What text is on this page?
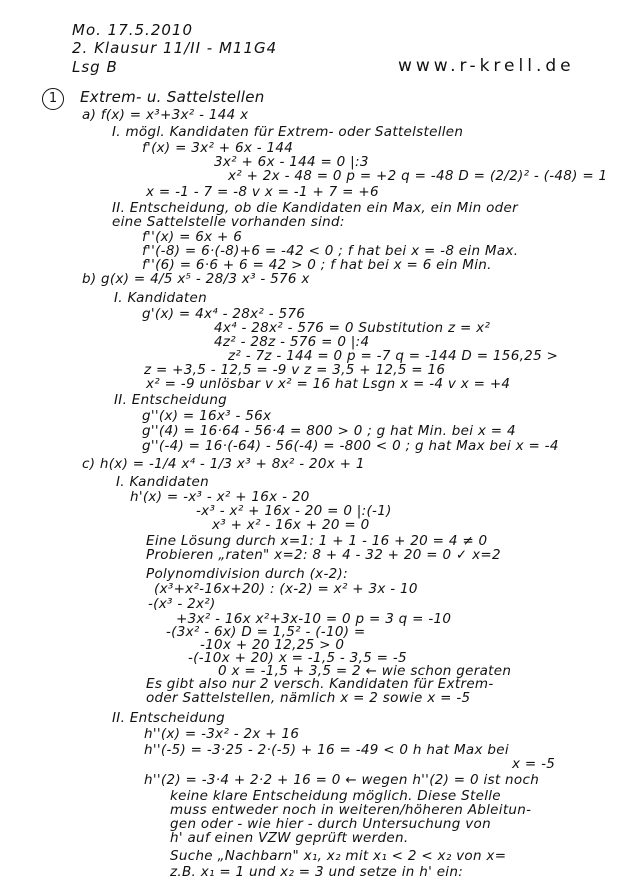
Mo. 17.5.2010
2. Klausur 11/II - M11G4
Lsg B	www.r-krell.de
1	Extrem- u. Sattelstellen
a) f(x) = x³+3x² - 144 x
I. mögl. Kandidaten für Extrem- oder Sattelstellen
f'(x) = 3x² + 6x - 144
3x² + 6x - 144 = 0 |:3
x² + 2x - 48 = 0 p = +2 q = -48 D = (2/2)² - (-48) = 1
x = -1 - 7 = -8 v x = -1 + 7 = +6
II. Entscheidung, ob die Kandidaten ein Max, ein Min oder
eine Sattelstelle vorhanden sind:
f''(x) = 6x + 6
f''(-8) = 6·(-8)+6 = -42 < 0 ; f hat bei x = -8 ein Max.
f''(6) = 6·6 + 6 = 42 > 0 ; f hat bei x = 6 ein Min.
b) g(x) = 4/5 x⁵ - 28/3 x³ - 576 x
I. Kandidaten
g'(x) = 4x⁴ - 28x² - 576
4x⁴ - 28x² - 576 = 0 Substitution z = x²
4z² - 28z - 576 = 0 |:4
z² - 7z - 144 = 0 p = -7 q = -144 D = 156,25 >
z = +3,5 - 12,5 = -9 v z = 3,5 + 12,5 = 16
x² = -9 unlösbar v x² = 16 hat Lsgn x = -4 v x = +4
II. Entscheidung
g''(x) = 16x³ - 56x
g''(4) = 16·64 - 56·4 = 800 > 0 ; g hat Min. bei x = 4
g''(-4) = 16·(-64) - 56(-4) = -800 < 0 ; g hat Max bei x = -4
c) h(x) = -1/4 x⁴ - 1/3 x³ + 8x² - 20x + 1
I. Kandidaten
h'(x) = -x³ - x² + 16x - 20
-x³ - x² + 16x - 20 = 0 |:(-1)
x³ + x² - 16x + 20 = 0
Eine Lösung durch x=1: 1 + 1 - 16 + 20 = 4 ≠ 0
Probieren „raten" x=2: 8 + 4 - 32 + 20 = 0 ✓ x=2
Polynomdivision durch (x-2):
(x³+x²-16x+20) : (x-2) = x² + 3x - 10
-(x³ - 2x²)
+3x² - 16x x²+3x-10 = 0 p = 3 q = -10
-(3x² - 6x) D = 1,5² - (-10) =
-10x + 20 12,25 > 0
-(-10x + 20) x = -1,5 - 3,5 = -5
0 x = -1,5 + 3,5 = 2 ← wie schon geraten
Es gibt also nur 2 versch. Kandidaten für Extrem-
oder Sattelstellen, nämlich x = 2 sowie x = -5
II. Entscheidung
h''(x) = -3x² - 2x + 16
h''(-5) = -3·25 - 2·(-5) + 16 = -49 < 0 h hat Max bei
x = -5
h''(2) = -3·4 + 2·2 + 16 = 0 ← wegen h''(2) = 0 ist noch
keine klare Entscheidung möglich. Diese Stelle
muss entweder noch in weiteren/höheren Ableitun-
gen oder - wie hier - durch Untersuchung von
h' auf einen VZW geprüft werden.
Suche „Nachbarn" x₁, x₂ mit x₁ < 2 < x₂ von x=
z.B. x₁ = 1 und x₂ = 3 und setze in h' ein:
